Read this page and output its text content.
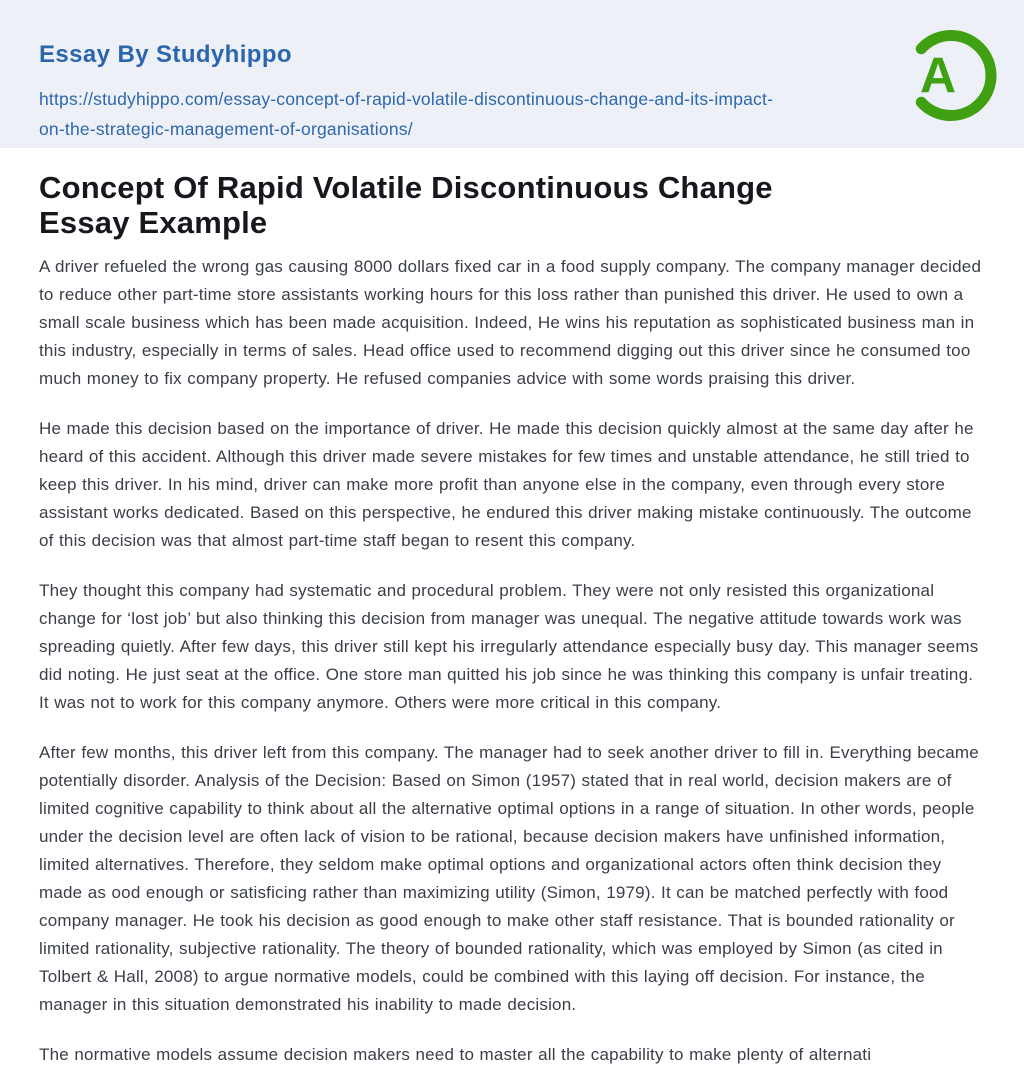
Essay By Studyhippo
https://studyhippo.com/essay-concept-of-rapid-volatile-discontinuous-change-and-its-impact-
on-the-strategic-management-of-organisations/
A
Concept Of Rapid Volatile Discontinuous Change
Essay Example

A driver refueled the wrong gas causing 8000 dollars fixed car in a food supply company. The company manager decided to reduce other part-time store assistants working hours for this loss rather than punished this driver. He used to own a small scale business which has been made acquisition. Indeed, He wins his reputation as sophisticated business man in this industry, especially in terms of sales. Head office used to recommend digging out this driver since he consumed too much money to fix company property. He refused companies advice with some words praising this driver.

He made this decision based on the importance of driver. He made this decision quickly almost at the same day after he heard of this accident. Although this driver made severe mistakes for few times and unstable attendance, he still tried to keep this driver. In his mind, driver can make more profit than anyone else in the company, even through every store assistant works dedicated. Based on this perspective, he endured this driver making mistake continuously. The outcome of this decision was that almost part-time staff began to resent this company.

They thought this company had systematic and procedural problem. They were not only resisted this organizational change for ‘lost job’ but also thinking this decision from manager was unequal. The negative attitude towards work was spreading quietly. After few days, this driver still kept his irregularly attendance especially busy day. This manager seems did noting. He just seat at the office. One store man quitted his job since he was thinking this company is unfair treating. It was not to work for this company anymore. Others were more critical in this company.

After few months, this driver left from this company. The manager had to seek another driver to fill in. Everything became potentially disorder. Analysis of the Decision: Based on Simon (1957) stated that in real world, decision makers are of limited cognitive capability to think about all the alternative optimal options in a range of situation. In other words, people under the decision level are often lack of vision to be rational, because decision makers have unfinished information, limited alternatives. Therefore, they seldom make optimal options and organizational actors often think decision they made as ood enough or satisficing rather than maximizing utility (Simon, 1979). It can be matched perfectly with food company manager. He took his decision as good enough to make other staff resistance. That is bounded rationality or limited rationality, subjective rationality. The theory of bounded rationality, which was employed by Simon (as cited in Tolbert & Hall, 2008) to argue normative models, could be combined with this laying off decision. For instance, the manager in this situation demonstrated his inability to made decision.

The normative models assume decision makers need to master all the capability to make plenty of alternati
